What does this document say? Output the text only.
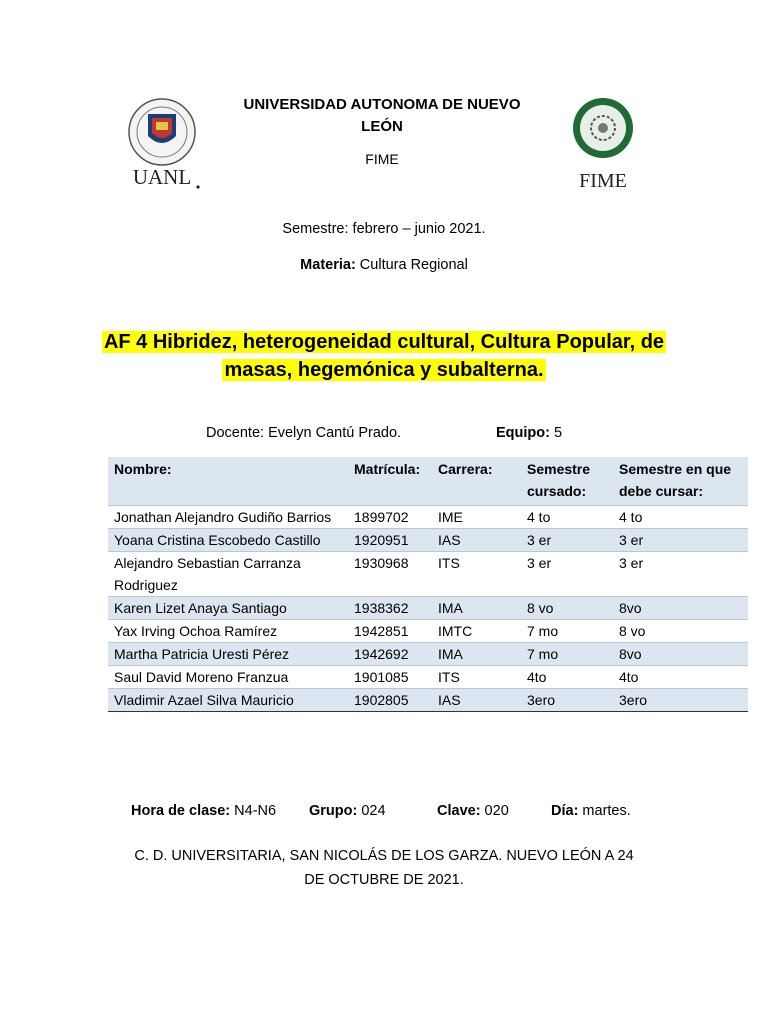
UANL	FIME
UNIVERSIDAD AUTONOMA DE NUEVO LEÓN
FIME
Semestre: febrero – junio 2021.
Materia: Cultura Regional
AF 4 Hibridez, heterogeneidad cultural, Cultura Popular, de
masas, hegemónica y subalterna.
Docente: Evelyn Cantú Prado.	Equipo: 5
Nombre:	Matrícula:	Carrera:	Semestre cursado:	Semestre en que debe cursar:
Jonathan Alejandro Gudiño Barrios	1899702	IME	4 to	4 to
Yoana Cristina Escobedo Castillo	1920951	IAS	3 er	3 er
Alejandro Sebastian Carranza Rodriguez	1930968	ITS	3 er	3 er
Karen Lizet Anaya Santiago	1938362	IMA	8 vo	8vo
Yax Irving Ochoa Ramírez	1942851	IMTC	7 mo	8 vo
Martha Patricia Uresti Pérez	1942692	IMA	7 mo	8vo
Saul David Moreno Franzua	1901085	ITS	4to	4to
Vladimir Azael Silva Mauricio	1902805	IAS	3ero	3ero
Hora de clase: N4-N6 Grupo: 024	Clave: 020	Día: martes.
C. D. UNIVERSITARIA, SAN NICOLÁS DE LOS GARZA. NUEVO LEÓN A 24
DE OCTUBRE DE 2021.
